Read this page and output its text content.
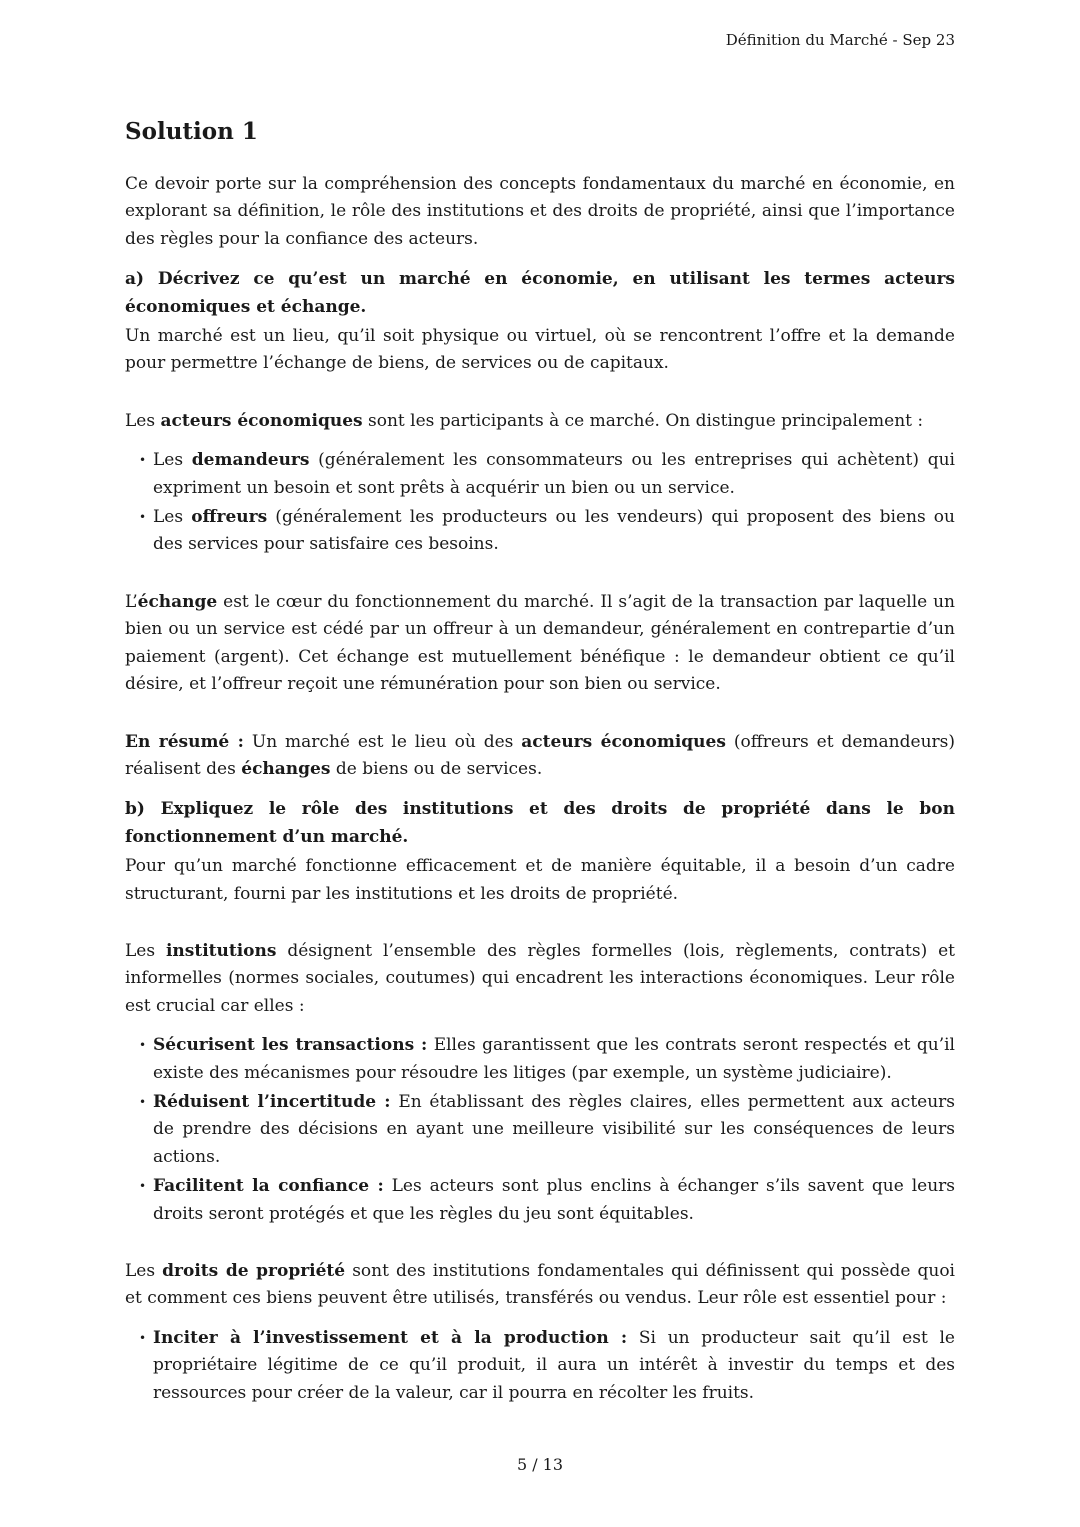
Définition du Marché - Sep 23
Solution 1

Ce devoir porte sur la compréhension des concepts fondamentaux du marché en économie, en explorant sa définition, le rôle des institutions et des droits de propriété, ainsi que l’importance des règles pour la confiance des acteurs.

a) Décrivez ce qu’est un marché en économie, en utilisant les termes acteurs économiques et échange.

Un marché est un lieu, qu’il soit physique ou virtuel, où se rencontrent l’offre et la demande pour permettre l’échange de biens, de services ou de capitaux.

Les acteurs économiques sont les participants à ce marché. On distingue principalement :

• Les demandeurs (généralement les consommateurs ou les entreprises qui achètent) qui expriment un besoin et sont prêts à acquérir un bien ou un service.
• Les offreurs (généralement les producteurs ou les vendeurs) qui proposent des biens ou des services pour satisfaire ces besoins.

L’échange est le cœur du fonctionnement du marché. Il s’agit de la transaction par laquelle un bien ou un service est cédé par un offreur à un demandeur, généralement en contrepartie d’un paiement (argent). Cet échange est mutuellement bénéfique : le demandeur obtient ce qu’il désire, et l’offreur reçoit une rémunération pour son bien ou service.

En résumé : Un marché est le lieu où des acteurs économiques (offreurs et demandeurs) réalisent des échanges de biens ou de services.

b) Expliquez le rôle des institutions et des droits de propriété dans le bon fonctionnement d’un marché.

Pour qu’un marché fonctionne efficacement et de manière équitable, il a besoin d’un cadre structurant, fourni par les institutions et les droits de propriété.

Les institutions désignent l’ensemble des règles formelles (lois, règlements, contrats) et informelles (normes sociales, coutumes) qui encadrent les interactions économiques. Leur rôle est crucial car elles :

• Sécurisent les transactions : Elles garantissent que les contrats seront respectés et qu’il existe des mécanismes pour résoudre les litiges (par exemple, un système judiciaire).
• Réduisent l’incertitude : En établissant des règles claires, elles permettent aux acteurs de prendre des décisions en ayant une meilleure visibilité sur les conséquences de leurs actions.
• Facilitent la confiance : Les acteurs sont plus enclins à échanger s’ils savent que leurs droits seront protégés et que les règles du jeu sont équitables.

Les droits de propriété sont des institutions fondamentales qui définissent qui possède quoi et comment ces biens peuvent être utilisés, transférés ou vendus. Leur rôle est essentiel pour :

• Inciter à l’investissement et à la production : Si un producteur sait qu’il est le propriétaire légitime de ce qu’il produit, il aura un intérêt à investir du temps et des ressources pour créer de la valeur, car il pourra en récolter les fruits.
5 / 13
